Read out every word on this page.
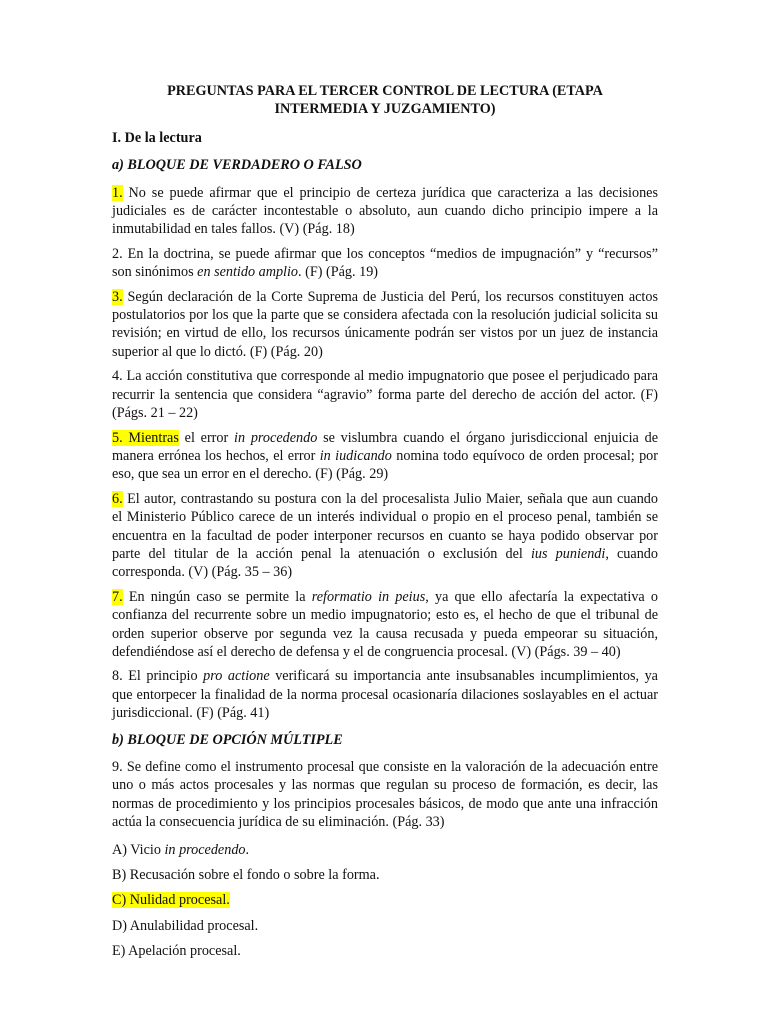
PREGUNTAS PARA EL TERCER CONTROL DE LECTURA (ETAPA INTERMEDIA Y JUZGAMIENTO)
I. De la lectura
a) BLOQUE DE VERDADERO O FALSO
1. No se puede afirmar que el principio de certeza jurídica que caracteriza a las decisiones judiciales es de carácter incontestable o absoluto, aun cuando dicho principio impere a la inmutabilidad en tales fallos. (V) (Pág. 18)
2. En la doctrina, se puede afirmar que los conceptos “medios de impugnación” y “recursos” son sinónimos en sentido amplio. (F) (Pág. 19)
3. Según declaración de la Corte Suprema de Justicia del Perú, los recursos constituyen actos postulatorios por los que la parte que se considera afectada con la resolución judicial solicita su revisión; en virtud de ello, los recursos únicamente podrán ser vistos por un juez de instancia superior al que lo dictó. (F) (Pág. 20)
4. La acción constitutiva que corresponde al medio impugnatorio que posee el perjudicado para recurrir la sentencia que considera “agravio” forma parte del derecho de acción del actor. (F) (Págs. 21 – 22)
5. Mientras el error in procedendo se vislumbra cuando el órgano jurisdiccional enjuicia de manera errónea los hechos, el error in iudicando nomina todo equívoco de orden procesal; por eso, que sea un error en el derecho. (F) (Pág. 29)
6. El autor, contrastando su postura con la del procesalista Julio Maier, señala que aun cuando el Ministerio Público carece de un interés individual o propio en el proceso penal, también se encuentra en la facultad de poder interponer recursos en cuanto se haya podido observar por parte del titular de la acción penal la atenuación o exclusión del ius puniendi, cuando corresponda. (V) (Pág. 35 – 36)
7. En ningún caso se permite la reformatio in peius, ya que ello afectaría la expectativa o confianza del recurrente sobre un medio impugnatorio; esto es, el hecho de que el tribunal de orden superior observe por segunda vez la causa recusada y pueda empeorar su situación, defendiéndose así el derecho de defensa y el de congruencia procesal. (V) (Págs. 39 – 40)
8. El principio pro actione verificará su importancia ante insubsanables incumplimientos, ya que entorpecer la finalidad de la norma procesal ocasionaría dilaciones soslayables en el actuar jurisdiccional. (F) (Pág. 41)
b) BLOQUE DE OPCIÓN MÚLTIPLE
9. Se define como el instrumento procesal que consiste en la valoración de la adecuación entre uno o más actos procesales y las normas que regulan su proceso de formación, es decir, las normas de procedimiento y los principios procesales básicos, de modo que ante una infracción actúa la consecuencia jurídica de su eliminación. (Pág. 33)
A) Vicio in procedendo.
B) Recusación sobre el fondo o sobre la forma.
C) Nulidad procesal.
D) Anulabilidad procesal.
E) Apelación procesal.
